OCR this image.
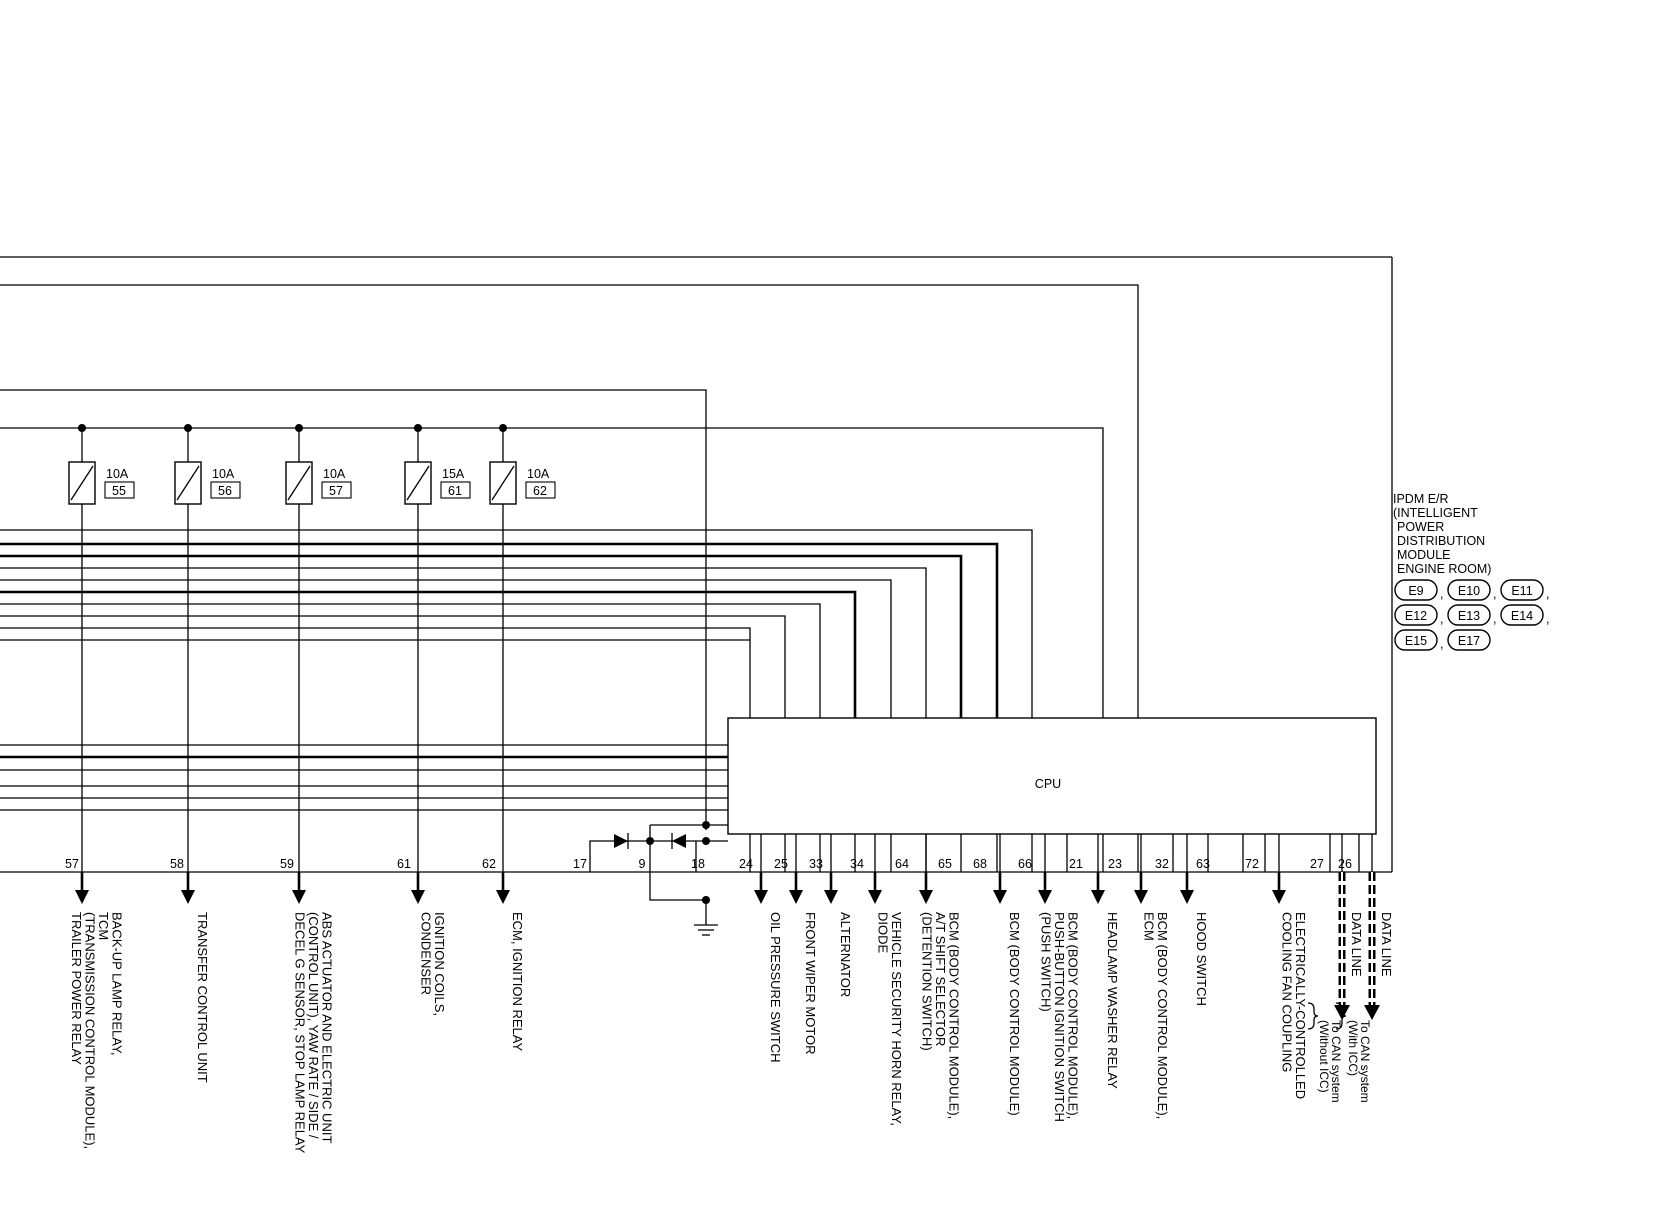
CPU
10A
55
10A
56
10A
57
15A
61
10A
62
57	58	59	61	62	17	9	18	24 25 33 34 64 65 68 66	21 23	32 63	72	27 26
BACK-UP LAMP RELAY,TCM(TRANSMISSION CONTROL MODULE),TRAILER POWER RELAY	TRANSFER CONTROL UNIT	ABS ACTUATOR AND ELECTRIC UNIT(CONTROL UNIT), YAW RATE / SIDE /DECEL G SENSOR, STOP LAMP RELAY	IGNITION COILS,CONDENSER	ECM, IGNITION RELAY	OIL PRESSURE SWITCH FRONT WIPER MOTOR ALTERNATOR	VEHICLE SECURITY HORN RELAY,DIODE	BCM (BODY CONTROL MODULE),A/T SHIFT SELECTOR(DETENTION SWITCH)	BCM (BODY CONTROL MODULE)	BCM (BODY CONTROL MODULE),PUSH-BUTTON IGNITION SWITCH(PUSH SWITCH)	HEADLAMP WASHER RELAY	BCM (BODY CONTROL MODULE),ECM	HOOD SWITCH	ELECTRICALLY-CONTROLLEDCOOLING FAN COUPLING	DATA LINE DATA LINE
To CAN system(Without ICC)	To CAN system(With ICC)
IPDM E/R
(INTELLIGENT
POWER
DISTRIBUTION
MODULE
ENGINE ROOM)
E9 , E10 , E11 ,
E12 , E13 , E14 ,
E15 , E17
